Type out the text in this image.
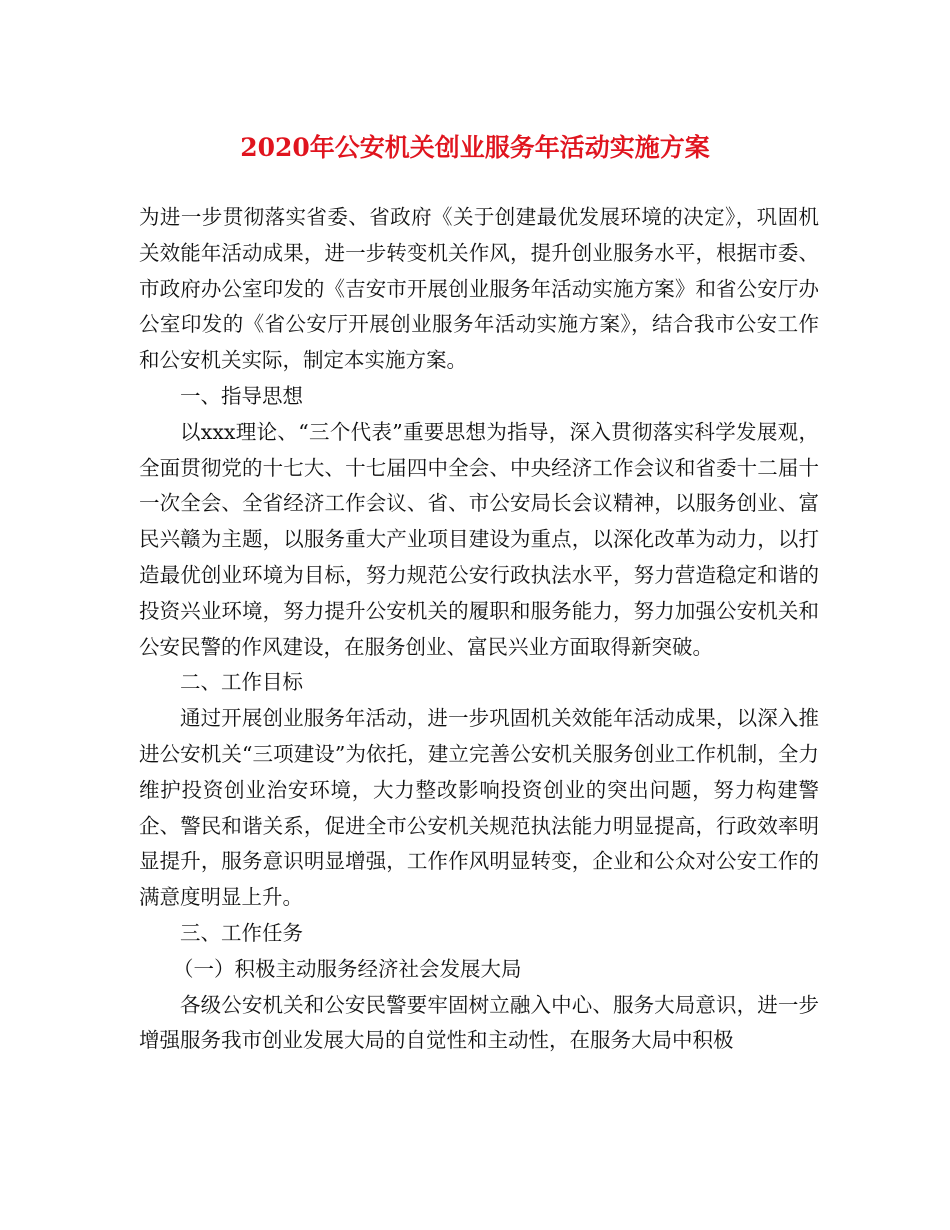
2020年公安机关创业服务年活动实施方案

为进一步贯彻落实省委、省政府《关于创建最优发展环境的决定》，巩固机关效能年活动成果，进一步转变机关作风，提升创业服务水平，根据市委、市政府办公室印发的《吉安市开展创业服务年活动实施方案》和省公安厅办公室印发的《省公安厅开展创业服务年活动实施方案》，结合我市公安工作和公安机关实际，制定本实施方案。

一、指导思想

以xxx理论、“三个代表”重要思想为指导，深入贯彻落实科学发展观，全面贯彻党的十七大、十七届四中全会、中央经济工作会议和省委十二届十一次全会、全省经济工作会议、省、市公安局长会议精神，以服务创业、富民兴赣为主题，以服务重大产业项目建设为重点，以深化改革为动力，以打造最优创业环境为目标，努力规范公安行政执法水平，努力营造稳定和谐的投资兴业环境，努力提升公安机关的履职和服务能力，努力加强公安机关和公安民警的作风建设，在服务创业、富民兴业方面取得新突破。

二、工作目标

通过开展创业服务年活动，进一步巩固机关效能年活动成果，以深入推进公安机关“三项建设”为依托，建立完善公安机关服务创业工作机制，全力维护投资创业治安环境，大力整改影响投资创业的突出问题，努力构建警企、警民和谐关系，促进全市公安机关规范执法能力明显提高，行政效率明显提升，服务意识明显增强，工作作风明显转变，企业和公众对公安工作的满意度明显上升。

三、工作任务

（一）积极主动服务经济社会发展大局

各级公安机关和公安民警要牢固树立融入中心、服务大局意识，进一步增强服务我市创业发展大局的自觉性和主动性，在服务大局中积极
